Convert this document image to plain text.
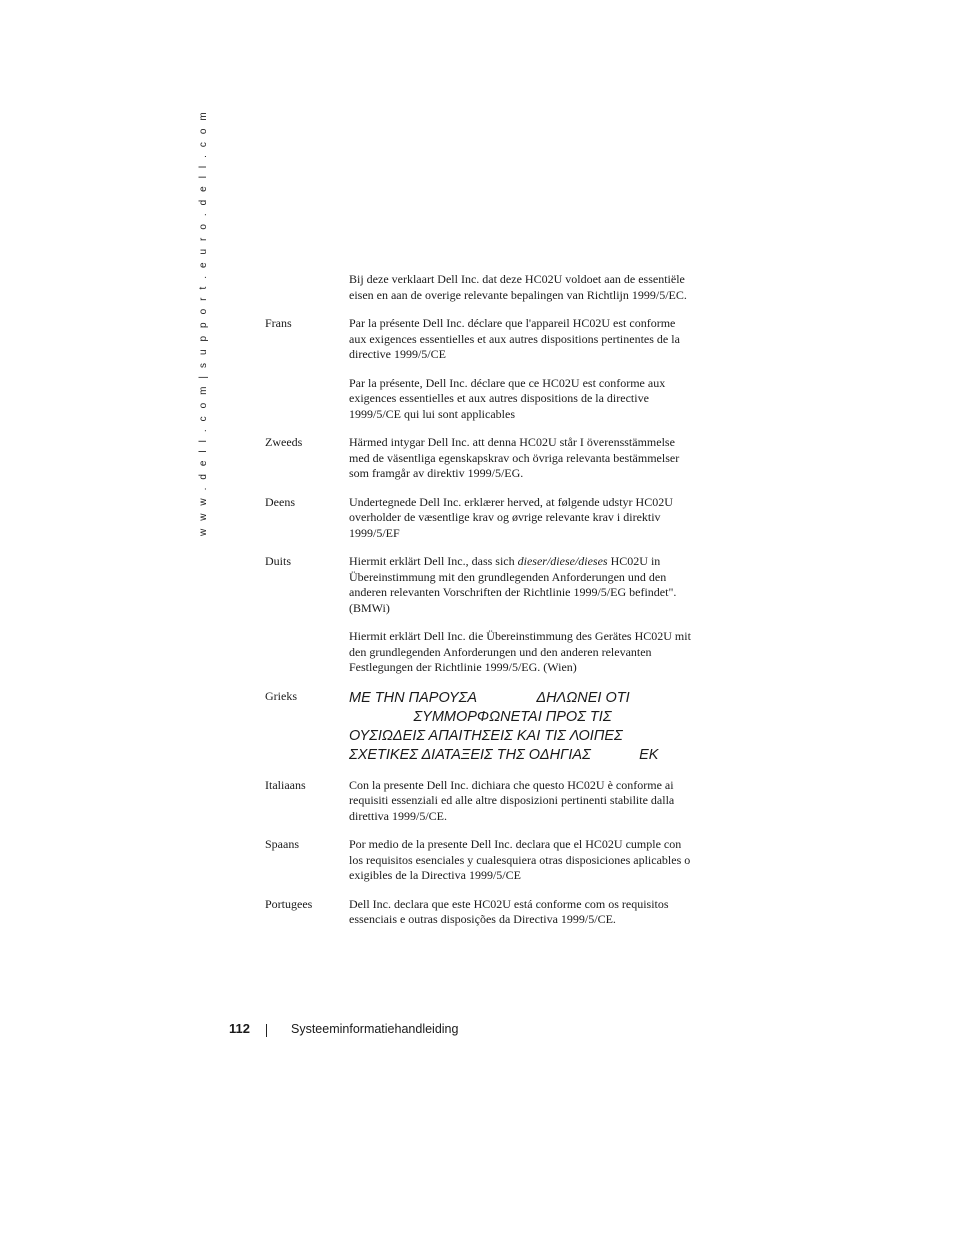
w w w . d e l l . c o m | s u p p o r t . e u r o . d e l l . c o m	Bij deze verklaart Dell Inc. dat deze HC02U voldoet aan de essentiële eisen en aan de overige relevante bepalingen van Richtlijn 1999/5/EC.

Frans	Par la présente Dell Inc. déclare que l'appareil HC02U est conforme aux exigences essentielles et aux autres dispositions pertinentes de la directive 1999/5/CE

Par la présente, Dell Inc. déclare que ce HC02U est conforme aux exigences essentielles et aux autres dispositions de la directive 1999/5/CE qui lui sont applicables

Zweeds	Härmed intygar Dell Inc. att denna HC02U står I överensstämmelse med de väsentliga egenskapskrav och övriga relevanta bestämmelser som framgår av direktiv 1999/5/EG.

Deens	Undertegnede Dell Inc. erklærer herved, at følgende udstyr HC02U overholder de væsentlige krav og øvrige relevante krav i direktiv 1999/5/EF

Duits	Hiermit erklärt Dell Inc., dass sich dieser/diese/dieses HC02U in Übereinstimmung mit den grundlegenden Anforderungen und den anderen relevanten Vorschriften der Richtlinie 1999/5/EG befindet". (BMWi)

Hiermit erklärt Dell Inc. die Übereinstimmung des Gerätes HC02U mit den grundlegenden Anforderungen und den anderen relevanten Festlegungen der Richtlinie 1999/5/EG. (Wien)

Grieks	ΜΕ ΤΗΝ ΠΑΡΟΥΣΑ               ΔΗΛΩΝΕΙ ΟΤΙ
ΣΥΜΜΟΡΦΩΝΕΤΑΙ ΠΡΟΣ ΤΙΣ
ΟΥΣΙΩΔΕΙΣ ΑΠΑΙΤΗΣΕΙΣ ΚΑΙ ΤΙΣ ΛΟΙΠΕΣ
ΣΧΕΤΙΚΕΣ ΔΙΑΤΑΞΕΙΣ ΤΗΣ ΟΔΗΓΙΑΣ            ΕΚ
Italiaans	Con la presente Dell Inc. dichiara che questo HC02U è conforme ai requisiti essenziali ed alle altre disposizioni pertinenti stabilite dalla direttiva 1999/5/CE.

Spaans	Por medio de la presente Dell Inc. declara que el HC02U cumple con los requisitos esenciales y cualesquiera otras disposiciones aplicables o exigibles de la Directiva 1999/5/CE

Portugees	Dell Inc. declara que este HC02U está conforme com os requisitos essenciais e outras disposições da Directiva 1999/5/CE.

112	Systeeminformatiehandleiding
